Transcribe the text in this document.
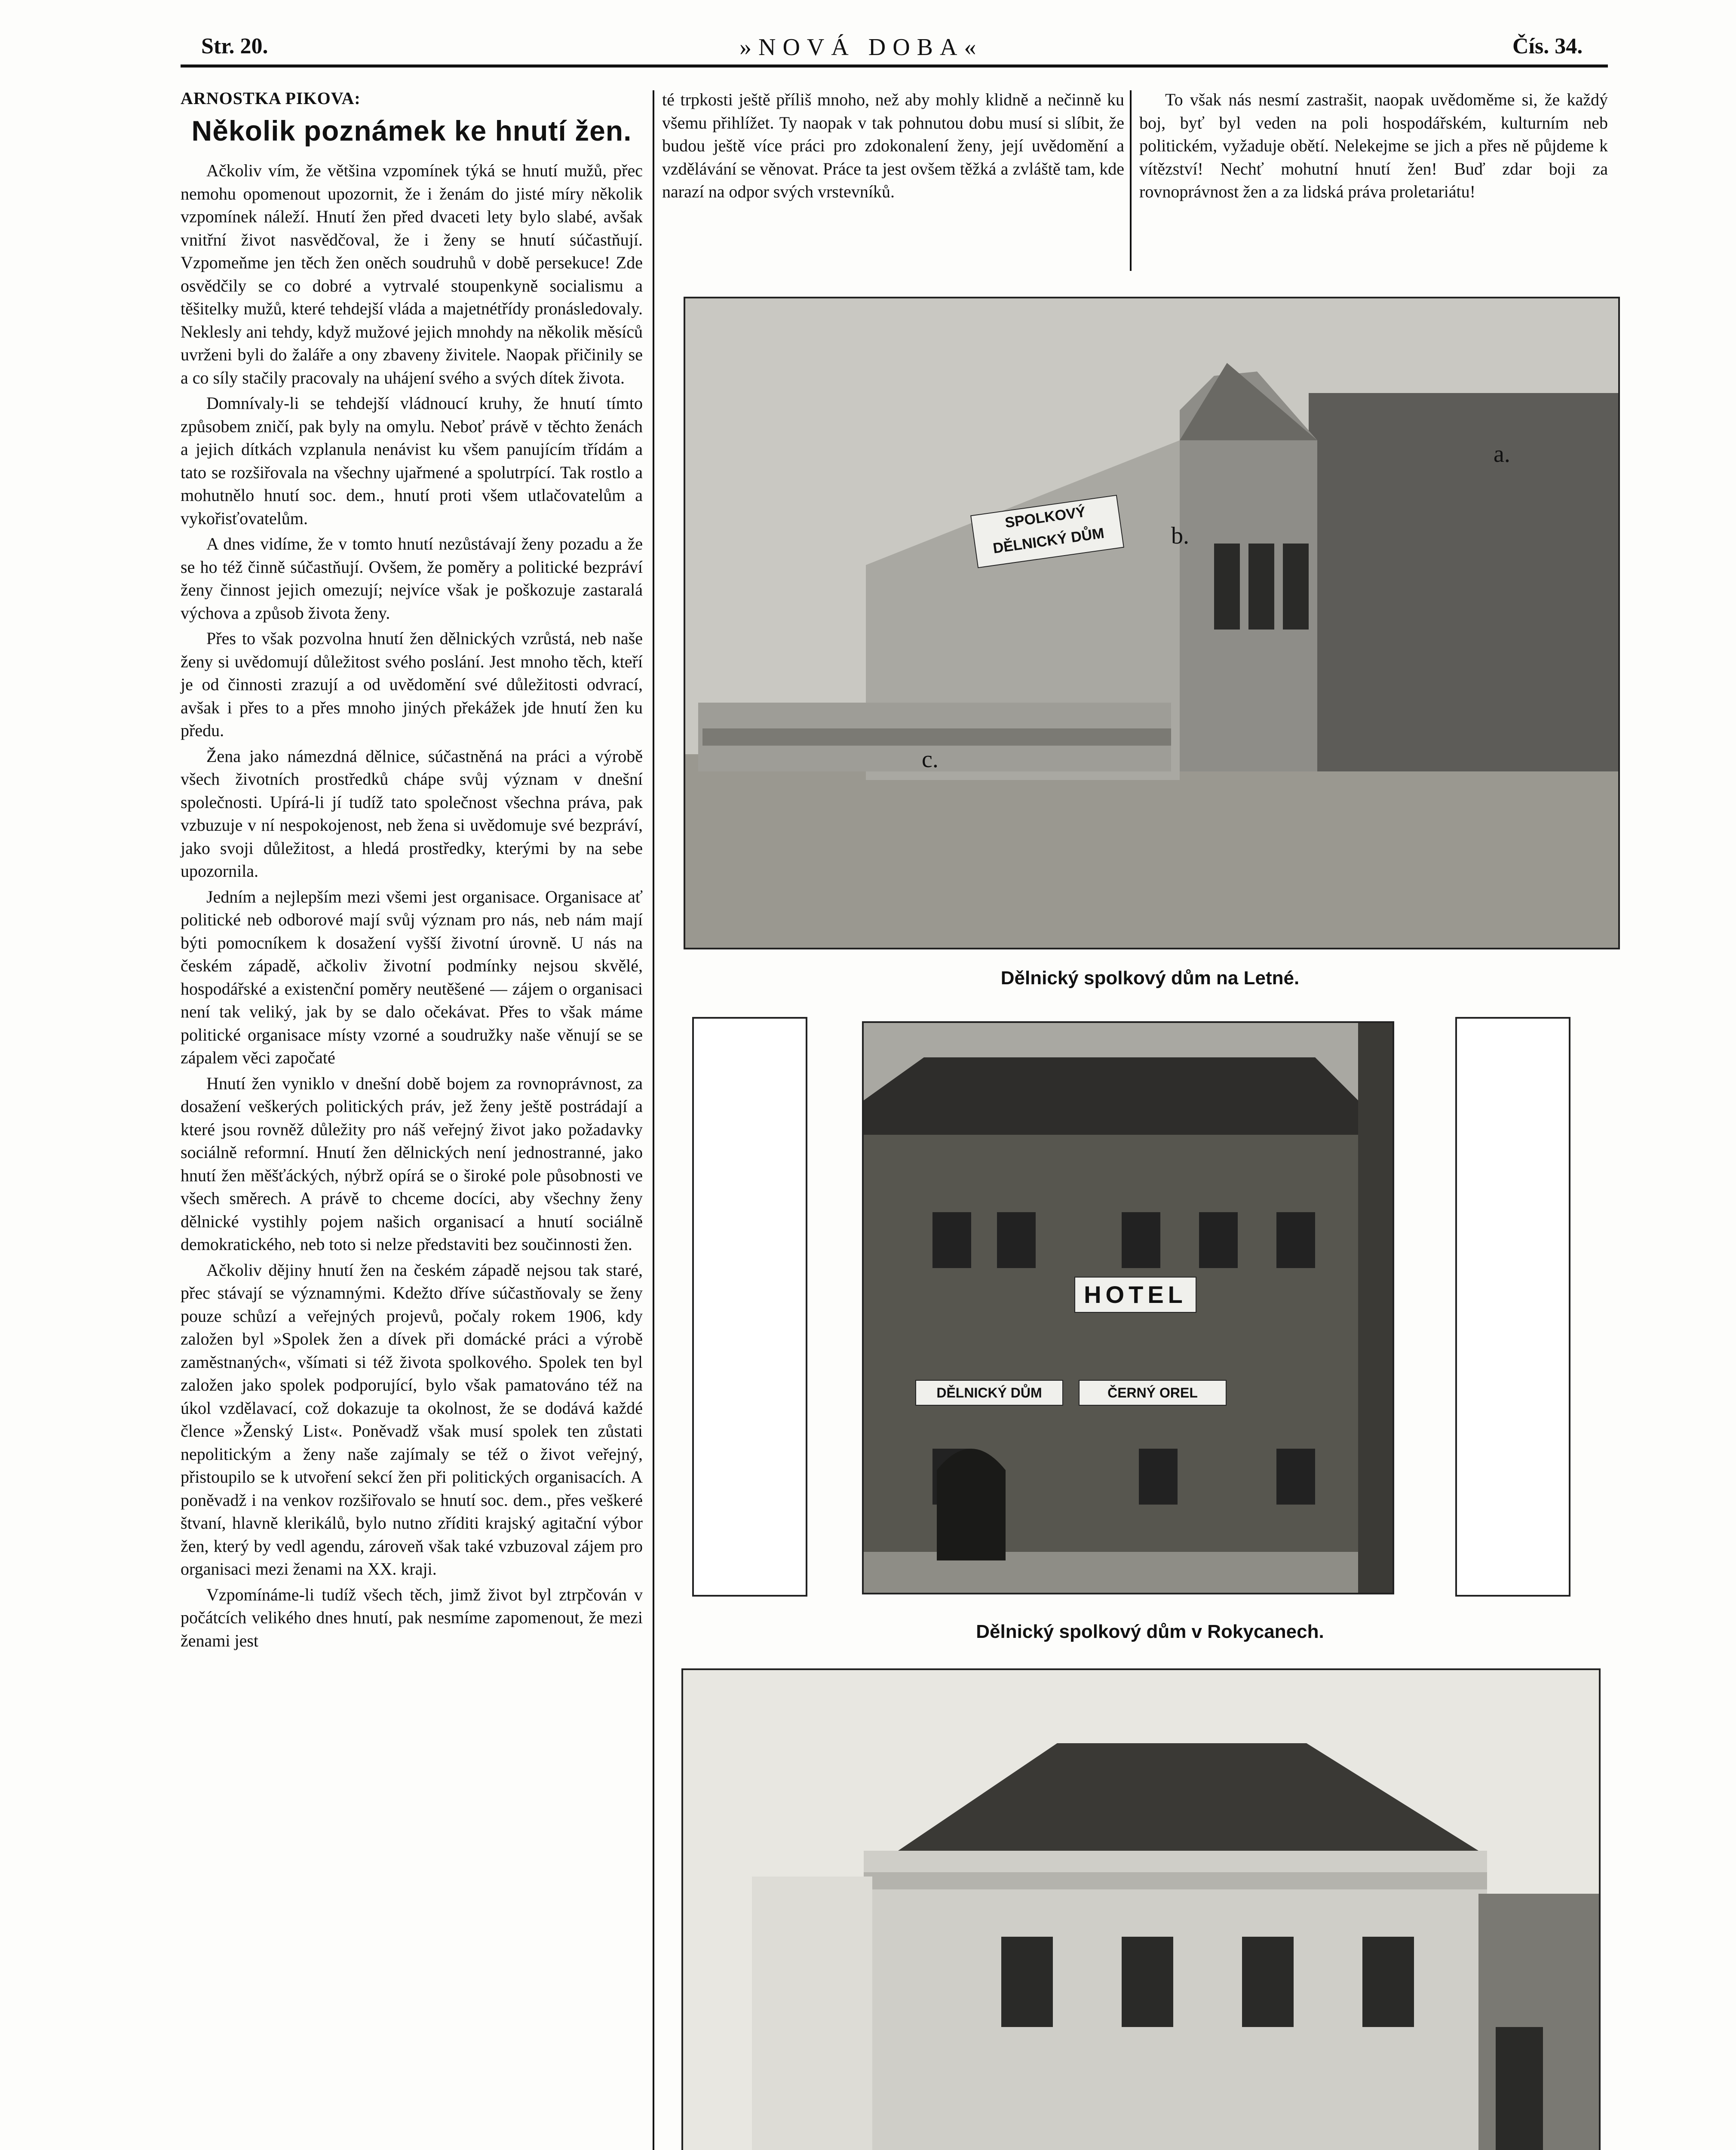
Str. 20.	»NOVÁ DOBA«	Čís. 34.
ARNOSTKA PIKOVA:
Několik poznámek ke hnutí žen.

Ačkoliv vím, že většina vzpomínek týká se hnutí mužů, přec nemohu opomenout upozornit, že i ženám do jisté míry několik vzpomínek náleží. Hnutí žen před dvaceti lety bylo slabé, avšak vnitřní život nasvědčoval, že i ženy se hnutí súčastňují. Vzpomeňme jen těch žen oněch soudruhů v době persekuce! Zde osvědčily se co dobré a vytrvalé stoupenkyně socialismu a těšitelky mužů, které tehdejší vláda a majetnétřídy pronásledovaly. Neklesly ani tehdy, když mužové jejich mnohdy na několik měsíců uvrženi byli do žaláře a ony zbaveny živitele. Naopak přičinily se a co síly stačily pracovaly na uhájení svého a svých dítek života.

Domnívaly-li se tehdejší vládnoucí kruhy, že hnutí tímto způsobem zničí, pak byly na omylu. Neboť právě v těchto ženách a jejich dítkách vzplanula nenávist ku všem panujícím třídám a tato se rozšiřovala na všechny ujařmené a spolutrpící. Tak rostlo a mohutnělo hnutí soc. dem., hnutí proti všem utlačovatelům a vykořisťovatelům.

A dnes vidíme, že v tomto hnutí nezůstávají ženy pozadu a že se ho též činně súčastňují. Ovšem, že poměry a politické bezpráví ženy činnost jejich omezují; nejvíce však je poškozuje zastaralá výchova a způsob života ženy.

Přes to však pozvolna hnutí žen dělnických vzrůstá, neb naše ženy si uvědomují důležitost svého poslání. Jest mnoho těch, kteří je od činnosti zrazují a od uvědomění své důležitosti odvrací, avšak i přes to a přes mnoho jiných překážek jde hnutí žen ku předu.

Žena jako námezdná dělnice, súčastněná na práci a výrobě všech životních prostředků chápe svůj význam v dnešní společnosti. Upírá-li jí tudíž tato společnost všechna práva, pak vzbuzuje v ní nespokojenost, neb žena si uvědomuje své bezpráví, jako svoji důležitost, a hledá prostředky, kterými by na sebe upozornila.

Jedním a nejlepším mezi všemi jest organisace. Organisace ať politické neb odborové mají svůj význam pro nás, neb nám mají býti pomocníkem k dosažení vyšší životní úrovně. U nás na českém západě, ačkoliv životní podmínky nejsou skvělé, hospodářské a existenční poměry neutěšené — zájem o organisaci není tak veliký, jak by se dalo očekávat. Přes to však máme politické organisace místy vzorné a soudružky naše věnují se se zápalem věci započaté

Hnutí žen vyniklo v dnešní době bojem za rovnoprávnost, za dosažení veškerých politických práv, jež ženy ještě postrádají a které jsou rovněž důležity pro náš veřejný život jako požadavky sociálně reformní. Hnutí žen dělnických není jednostranné, jako hnutí žen měšťáckých, nýbrž opírá se o široké pole působnosti ve všech směrech. A právě to chceme docíci, aby všechny ženy dělnické vystihly pojem našich organisací a hnutí sociálně demokratického, neb toto si nelze představiti bez součinnosti žen.

Ačkoliv dějiny hnutí žen na českém západě nejsou tak staré, přec stávají se významnými. Kdežto dříve súčastňovaly se ženy pouze schůzí a veřejných projevů, počaly rokem 1906, kdy založen byl »Spolek žen a dívek při domácké práci a výrobě zaměstnaných«, všímati si též života spolkového. Spolek ten byl založen jako spolek podporující, bylo však pamatováno též na úkol vzdělavací, což dokazuje ta okolnost, že se dodává každé člence »Ženský List«. Poněvadž však musí spolek ten zůstati nepolitickým a ženy naše zajímaly se též o život veřejný, přistoupilo se k utvoření sekcí žen při politických organisacích. A poněvadž i na venkov rozšiřovalo se hnutí soc. dem., přes veškeré štvaní, hlavně klerikálů, bylo nutno zříditi krajský agitační výbor žen, který by vedl agendu, zároveň však také vzbuzoval zájem pro organisaci mezi ženami na XX. kraji.

Vzpomínáme-li tudíž všech těch, jimž život byl ztrpčován v počátcích velikého dnes hnutí, pak nesmíme zapomenout, že mezi ženami jest

té trpkosti ještě příliš mnoho, než aby mohly klidně a nečinně ku všemu přihlížet. Ty naopak v tak pohnutou dobu musí si slíbit, že budou ještě více práci pro zdokonalení ženy, její uvědomění a vzdělávání se věnovat. Práce ta jest ovšem těžká a zvláště tam, kde narazí na odpor svých vrstevníků.

To však nás nesmí zastrašit, naopak uvědoměme si, že každý boj, byť byl veden na poli hospodářském, kulturním neb politickém, vyžaduje obětí. Nelekejme se jich a přes ně půjdeme k vítězství! Nechť mohutní hnutí žen! Buď zdar boji za rovnoprávnost žen a za lidská práva proletariátu!

SPOLKOVÝ DĚLNICKÝ DŮM
a.
b.
c.
Dělnický spolkový dům na Letné.
HOTEL
DĚLNICKÝ DŮM	ČERNÝ OREL
Dělnický spolkový dům v Rokycanech.
